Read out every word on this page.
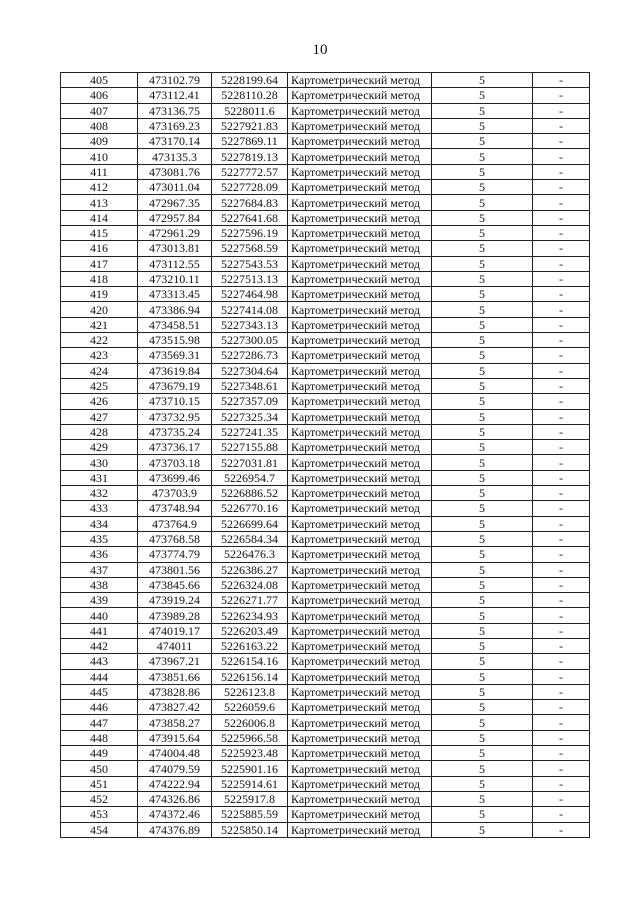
10
405	473102.79	5228199.64	Картометрический метод	5	-
406	473112.41	5228110.28	Картометрический метод	5	-
407	473136.75	5228011.6	Картометрический метод	5	-
408	473169.23	5227921.83	Картометрический метод	5	-
409	473170.14	5227869.11	Картометрический метод	5	-
410	473135.3	5227819.13	Картометрический метод	5	-
411	473081.76	5227772.57	Картометрический метод	5	-
412	473011.04	5227728.09	Картометрический метод	5	-
413	472967.35	5227684.83	Картометрический метод	5	-
414	472957.84	5227641.68	Картометрический метод	5	-
415	472961.29	5227596.19	Картометрический метод	5	-
416	473013.81	5227568.59	Картометрический метод	5	-
417	473112.55	5227543.53	Картометрический метод	5	-
418	473210.11	5227513.13	Картометрический метод	5	-
419	473313.45	5227464.98	Картометрический метод	5	-
420	473386.94	5227414.08	Картометрический метод	5	-
421	473458.51	5227343.13	Картометрический метод	5	-
422	473515.98	5227300.05	Картометрический метод	5	-
423	473569.31	5227286.73	Картометрический метод	5	-
424	473619.84	5227304.64	Картометрический метод	5	-
425	473679.19	5227348.61	Картометрический метод	5	-
426	473710.15	5227357.09	Картометрический метод	5	-
427	473732.95	5227325.34	Картометрический метод	5	-
428	473735.24	5227241.35	Картометрический метод	5	-
429	473736.17	5227155.88	Картометрический метод	5	-
430	473703.18	5227031.81	Картометрический метод	5	-
431	473699.46	5226954.7	Картометрический метод	5	-
432	473703.9	5226886.52	Картометрический метод	5	-
433	473748.94	5226770.16	Картометрический метод	5	-
434	473764.9	5226699.64	Картометрический метод	5	-
435	473768.58	5226584.34	Картометрический метод	5	-
436	473774.79	5226476.3	Картометрический метод	5	-
437	473801.56	5226386.27	Картометрический метод	5	-
438	473845.66	5226324.08	Картометрический метод	5	-
439	473919.24	5226271.77	Картометрический метод	5	-
440	473989.28	5226234.93	Картометрический метод	5	-
441	474019.17	5226203.49	Картометрический метод	5	-
442	474011	5226163.22	Картометрический метод	5	-
443	473967.21	5226154.16	Картометрический метод	5	-
444	473851.66	5226156.14	Картометрический метод	5	-
445	473828.86	5226123.8	Картометрический метод	5	-
446	473827.42	5226059.6	Картометрический метод	5	-
447	473858.27	5226006.8	Картометрический метод	5	-
448	473915.64	5225966.58	Картометрический метод	5	-
449	474004.48	5225923.48	Картометрический метод	5	-
450	474079.59	5225901.16	Картометрический метод	5	-
451	474222.94	5225914.61	Картометрический метод	5	-
452	474326.86	5225917.8	Картометрический метод	5	-
453	474372.46	5225885.59	Картометрический метод	5	-
454	474376.89	5225850.14	Картометрический метод	5	-
